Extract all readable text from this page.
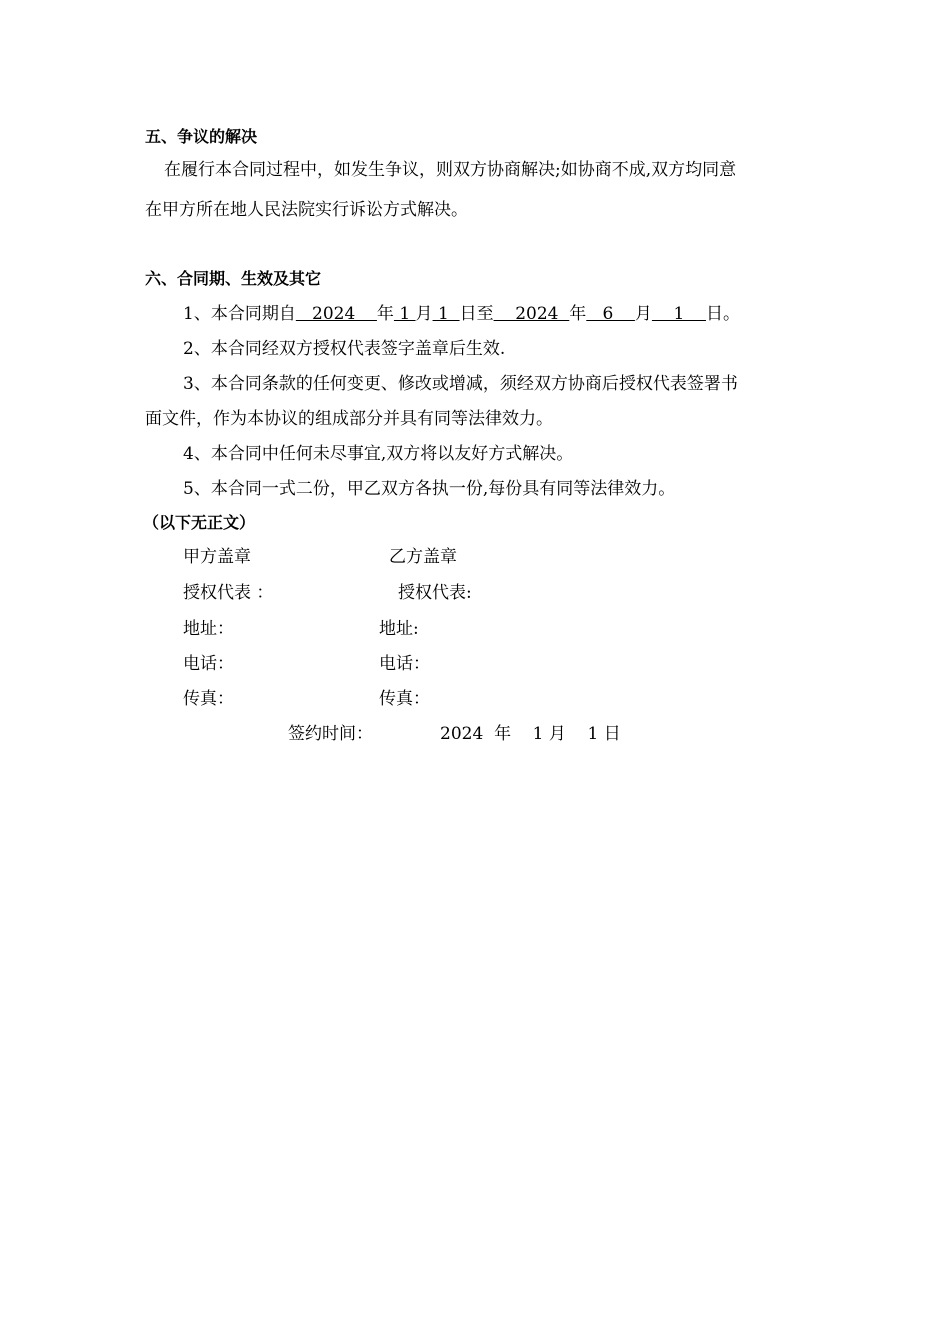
五、争议的解决
在履行本合同过程中，如发生争议，则双方协商解决;如协商不成,双方均同意
在甲方所在地人民法院实行诉讼方式解决。
六、合同期、生效及其它
1、本合同期自   2024    年 1 月 1  日至    2024  年   6    月    1    日。
2、本合同经双方授权代表签字盖章后生效.
3、本合同条款的任何变更、修改或增减，须经双方协商后授权代表签署书
面文件，作为本协议的组成部分并具有同等法律效力。
4、本合同中任何未尽事宜,双方将以友好方式解决。
5、本合同一式二份，甲乙双方各执一份,每份具有同等法律效力。
（以下无正文）
甲方盖章	乙方盖章
授权代表 ：	授权代表:
地址：	地址:
电话：	电话：
传真：	传真：
签约时间：	2024  年    1 月    1 日
